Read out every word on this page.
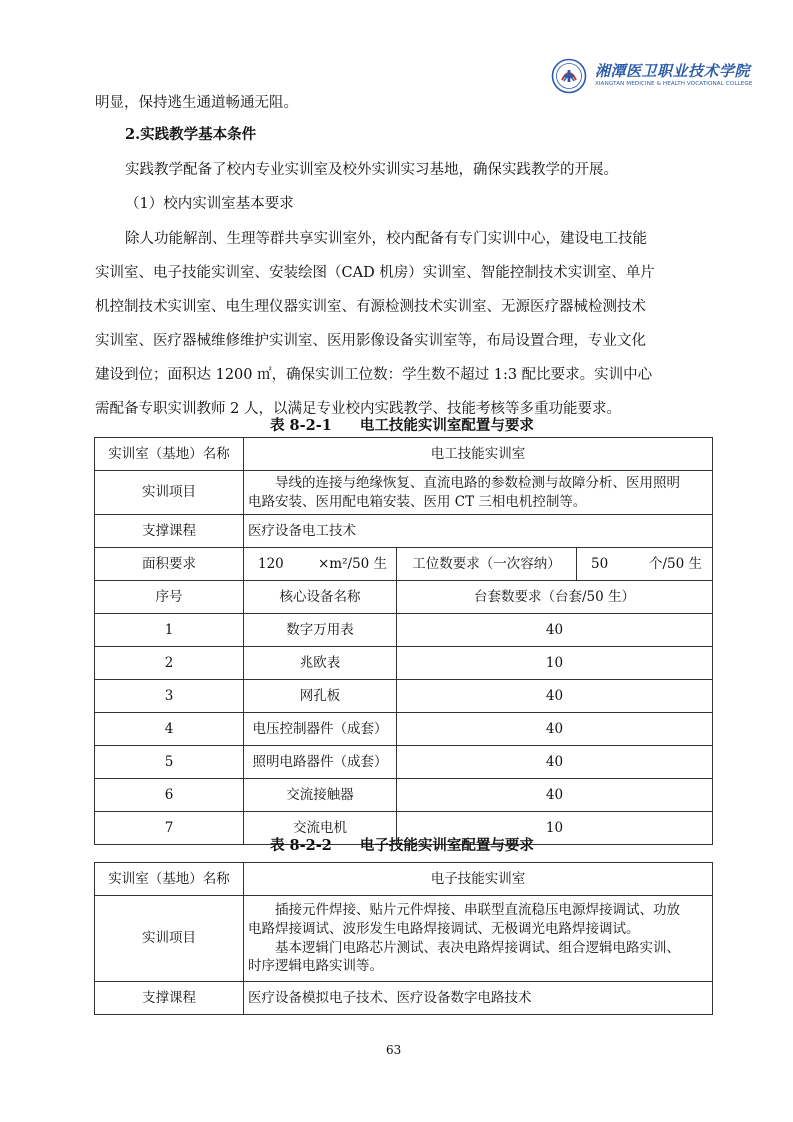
湘潭医卫职业技术学院
XIANGTAN MEDICINE & HEALTH VOCATIONAL COLLEGE
明显，保持逃生通道畅通无阻。
2.实践教学基本条件
实践教学配备了校内专业实训室及校外实训实习基地，确保实践教学的开展。
（1）校内实训室基本要求
除人功能解剖、生理等群共享实训室外，校内配备有专门实训中心，建设电工技能
实训室、电子技能实训室、安装绘图（CAD 机房）实训室、智能控制技术实训室、单片
机控制技术实训室、电生理仪器实训室、有源检测技术实训室、无源医疗器械检测技术
实训室、医疗器械维修维护实训室、医用影像设备实训室等，布局设置合理，专业文化
建设到位；面积达 1200 ㎡，确保实训工位数：学生数不超过 1:3 配比要求。实训中心
需配备专职实训教师 2 人，以满足专业校内实践教学、技能考核等多重功能要求。
表 8-2-1 电工技能实训室配置与要求
实训室（基地）名称	电工技能实训室		
实训项目	导线的连接与绝缘恢复、直流电路的参数检测与故障分析、医用照明
电路安装、医用配电箱安装、医用 CT 三相电机控制等。		

支撑课程	医疗设备电工技术		
面积要求	120 ×m²/50 生	工位数要求（一次容纳）	50 个/50 生
序号	核心设备名称	台套数要求（台套/50 生）	
1	数字万用表	40	
2	兆欧表	10	
3	网孔板	40	
4	电压控制器件（成套）	40	
5	照明电路器件（成套）	40	
6	交流接触器	40	
7	交流电机	10	
表 8-2-2 电子技能实训室配置与要求
实训室（基地）名称	电子技能实训室
实训项目	插接元件焊接、贴片元件焊接、串联型直流稳压电源焊接调试、功放
电路焊接调试、波形发生电路焊接调试、无极调光电路焊接调试。
基本逻辑门电路芯片测试、表决电路焊接调试、组合逻辑电路实训、
时序逻辑电路实训等。

支撑课程	医疗设备模拟电子技术、医疗设备数字电路技术
63
